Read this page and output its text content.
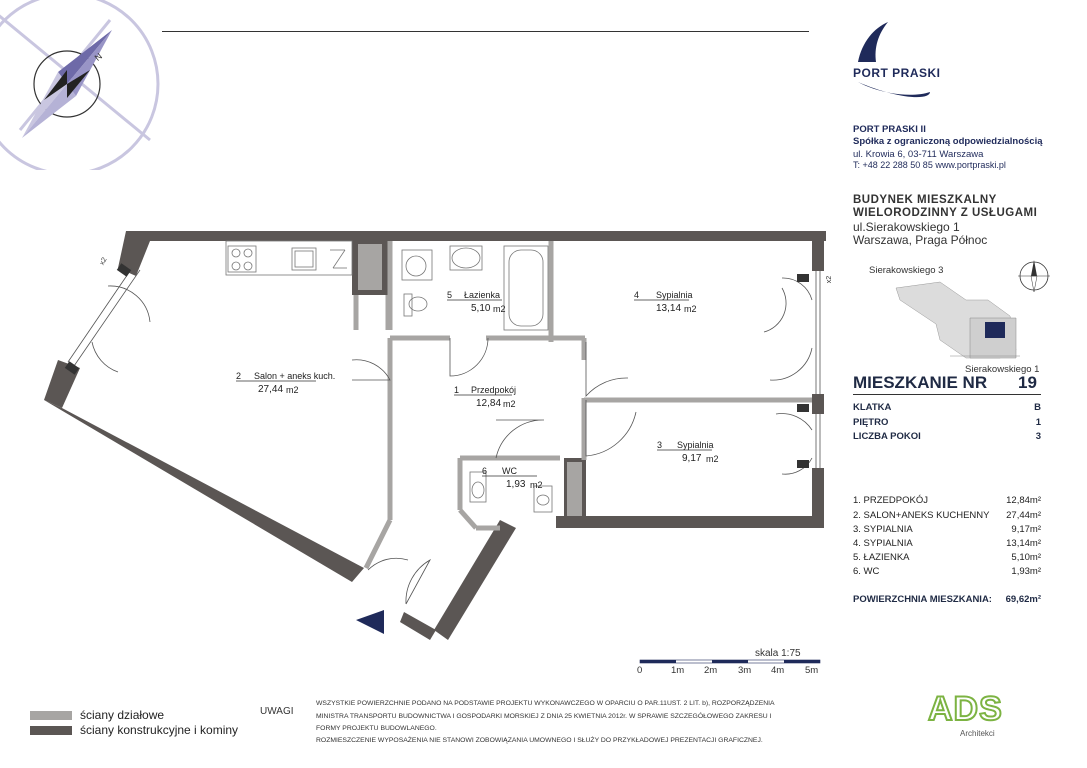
N
2 Salon + aneks kuch.
27,44 m2
5 Łazienka
5,10 m2
4 Sypialnia
13,14 m2
1 Przedpokój
12,84 m2
3 Sypialnia
9,17 m2
6 WC
1,93 m2
x2
x2
PORT PRASKI
PORT PRASKI II
Spółka z ograniczoną odpowiedzialnością
ul. Krowia 6, 03-711 Warszawa
T: +48 22 288 50 85 www.portpraski.pl
BUDYNEK MIESZKALNY
WIELORODZINNY Z USŁUGAMI
ul.Sierakowskiego 1
Warszawa, Praga Północ
Sierakowskiego 3
Sierakowskiego 1
MIESZKANIE NR 19
KLATKA	B
PIĘTRO	1
LICZBA POKOI	3
1. PRZEDPOKÓJ	12,84m²
2. SALON+ANEKS KUCHENNY 27,44m²
3. SYPIALNIA	9,17m²
4. SYPIALNIA	13,14m²
5. ŁAZIENKA	5,10m²
6. WC	1,93m²
POWIERZCHNIA MIESZKANIA: 69,62m²
skala 1:75
0	1m 2m 3m 4m 5m
ściany działowe
ściany konstrukcyjne i kominy
UWAGI
WSZYSTKIE POWIERZCHNIE PODANO NA PODSTAWIE PROJEKTU WYKONAWCZEGO W OPARCIU O PAR.11UST. 2 LIT. b), ROZPORZĄDZENIA
MINISTRA TRANSPORTU BUDOWNICTWA I GOSPODARKI MORSKIEJ Z DNIA 25 KWIETNIA 2012r. W SPRAWIE SZCZEGÓŁOWEGO ZAKRESU I
FORMY PROJEKTU BUDOWLANEGO.
ROZMIESZCZENIE WYPOSAŻENIA NIE STANOWI ZOBOWIĄZANIA UMOWNEGO I SŁUŻY DO PRZYKŁADOWEJ PREZENTACJI GRAFICZNEJ.
ADS
Architekci
